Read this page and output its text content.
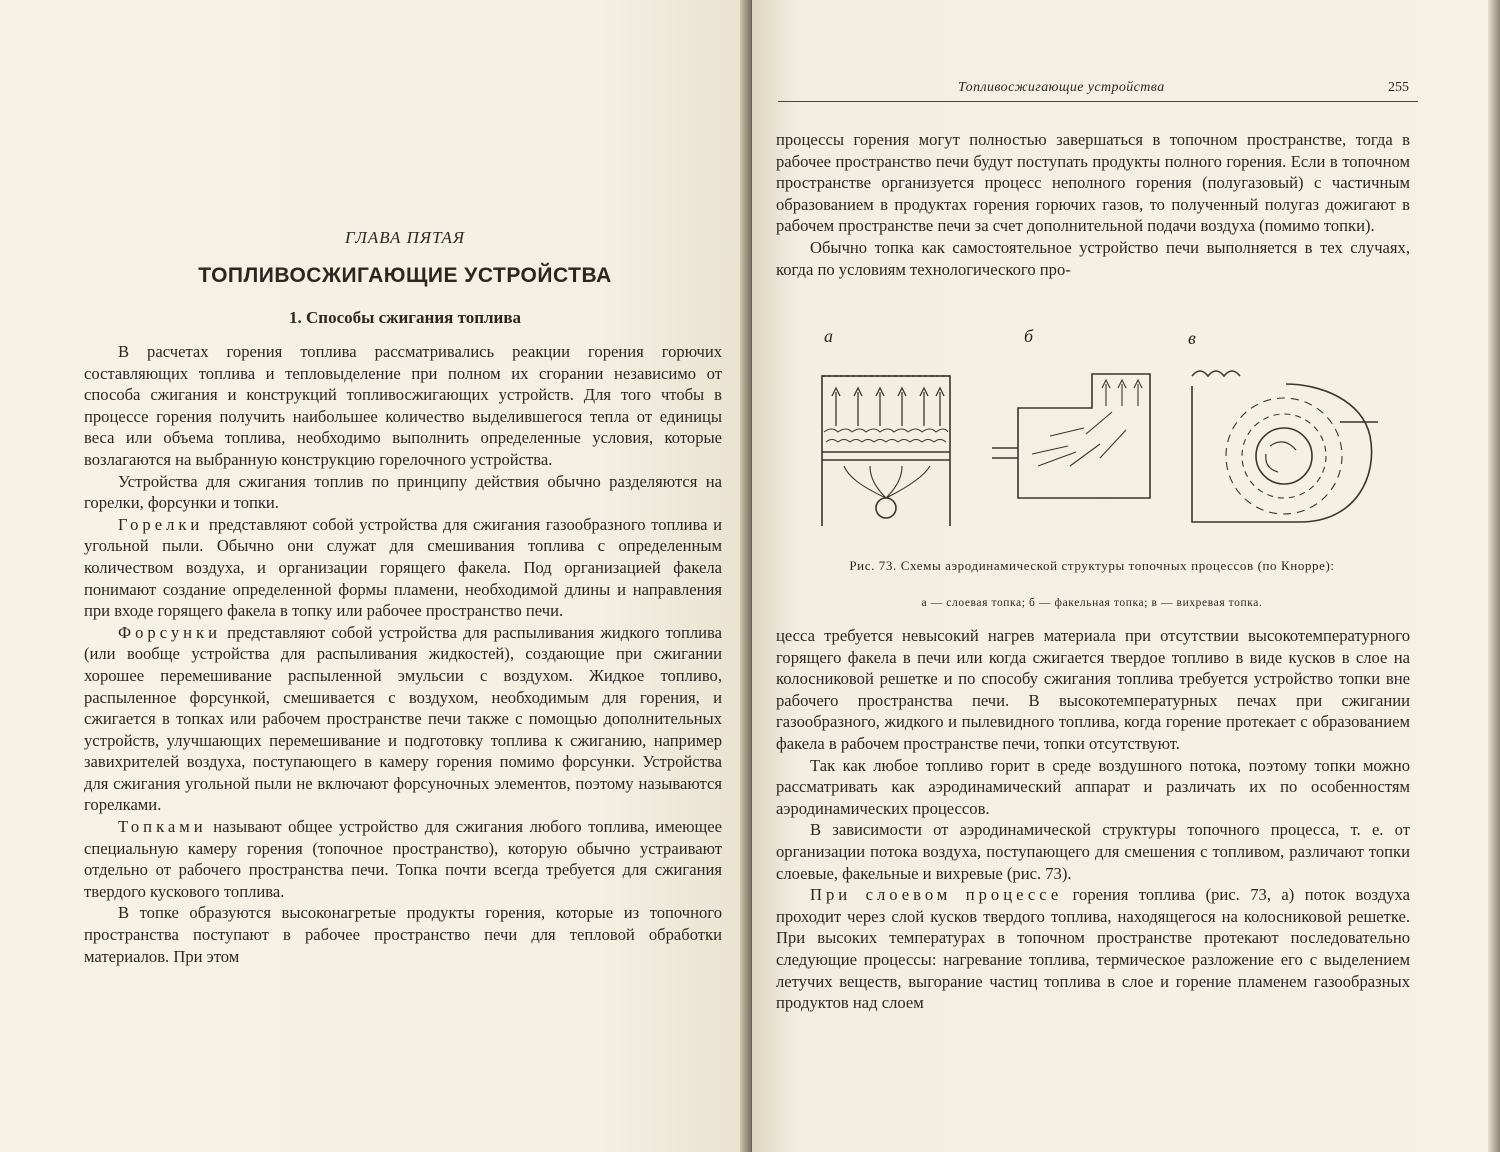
ГЛАВА ПЯТАЯ
ТОПЛИВОСЖИГАЮЩИЕ УСТРОЙСТВА
1. Способы сжигания топлива

В расчетах горения топлива рассматривались реакции горения горючих составляющих топлива и тепловыделение при полном их сгорании независимо от способа сжигания и конструкций топливосжигающих устройств. Для того чтобы в процессе горения получить наибольшее количество выделившегося тепла от единицы веса или объема топлива, необходимо выполнить определенные условия, которые возлагаются на выбранную конструкцию горелочного устройства.

Устройства для сжигания топлив по принципу действия обычно разделяются на горелки, форсунки и топки.

Горелки представляют собой устройства для сжигания газообразного топлива и угольной пыли. Обычно они служат для смешивания топлива с определенным количеством воздуха, и организации горящего факела. Под организацией факела понимают создание определенной формы пламени, необходимой длины и направления при входе горящего факела в топку или рабочее пространство печи.

Форсунки представляют собой устройства для распыливания жидкого топлива (или вообще устройства для распыливания жидкостей), создающие при сжигании хорошее перемешивание распыленной эмульсии с воздухом. Жидкое топливо, распыленное форсункой, смешивается с воздухом, необходимым для горения, и сжигается в топках или рабочем пространстве печи также с помощью дополнительных устройств, улучшающих перемешивание и подготовку топлива к сжиганию, например завихрителей воздуха, поступающего в камеру горения помимо форсунки. Устройства для сжигания угольной пыли не включают форсуночных элементов, поэтому называются горелками.

Топками называют общее устройство для сжигания любого топлива, имеющее специальную камеру горения (топочное пространство), которую обычно устраивают отдельно от рабочего пространства печи. Топка почти всегда требуется для сжигания твердого кускового топлива.

В топке образуются высоконагретые продукты горения, которые из топочного пространства поступают в рабочее пространство печи для тепловой обработки материалов. При этом

Топливосжигающие устройства	255

процессы горения могут полностью завершаться в топочном пространстве, тогда в рабочее пространство печи будут поступать продукты полного горения. Если в топочном пространстве организуется процесс неполного горения (полугазовый) с частичным образованием в продуктах горения горючих газов, то полученный полугаз дожигают в рабочем пространстве печи за счет дополнительной подачи воздуха (помимо топки).

Обычно топка как самостоятельное устройство печи выполняется в тех случаях, когда по условиям технологического про-

а	б	в
Рис. 73. Схемы аэродинамической структуры топочных процессов (по Кнорре):
а — слоевая топка; б — факельная топка; в — вихревая топка.

цесса требуется невысокий нагрев материала при отсутствии высокотемпературного горящего факела в печи или когда сжигается твердое топливо в виде кусков в слое на колосниковой решетке и по способу сжигания топлива требуется устройство топки вне рабочего пространства печи. В высокотемпературных печах при сжигании газообразного, жидкого и пылевидного топлива, когда горение протекает с образованием факела в рабочем пространстве печи, топки отсутствуют.

Так как любое топливо горит в среде воздушного потока, поэтому топки можно рассматривать как аэродинамический аппарат и различать их по особенностям аэродинамических процессов.

В зависимости от аэродинамической структуры топочного процесса, т. е. от организации потока воздуха, поступающего для смешения с топливом, различают топки слоевые, факельные и вихревые (рис. 73).

При слоевом процессе горения топлива (рис. 73, а) поток воздуха проходит через слой кусков твердого топлива, находящегося на колосниковой решетке. При высоких температурах в топочном пространстве протекают последовательно следующие процессы: нагревание топлива, термическое разложение его с выделением летучих веществ, выгорание частиц топлива в слое и горение пламенем газообразных продуктов над слоем
